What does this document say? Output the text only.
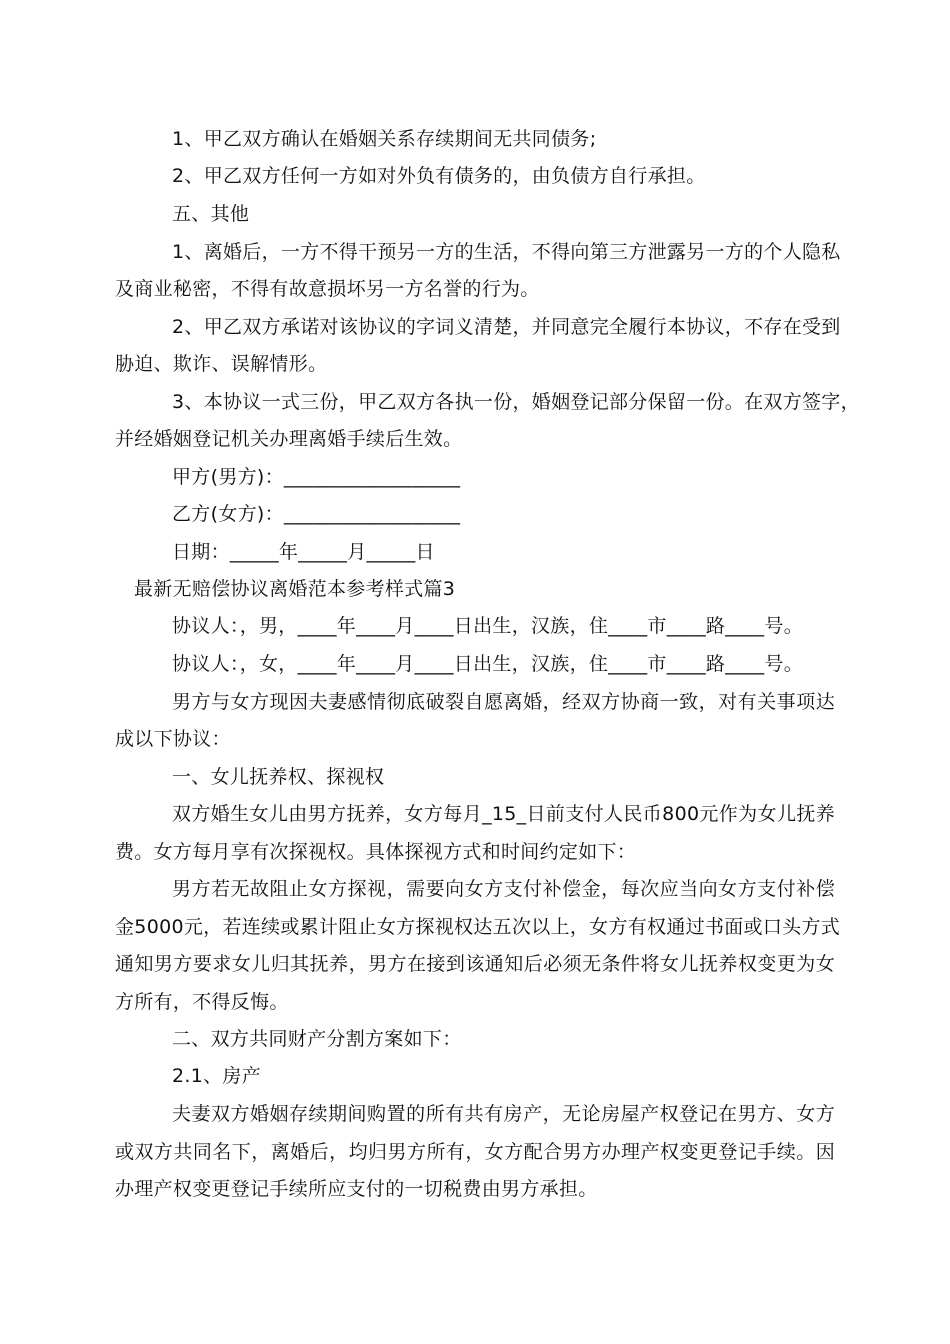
1、甲乙双方确认在婚姻关系存续期间无共同债务;
2、甲乙双方任何一方如对外负有债务的，由负债方自行承担。
五、其他
1、离婚后，一方不得干预另一方的生活，不得向第三方泄露另一方的个人隐私
及商业秘密，不得有故意损坏另一方名誉的行为。
2、甲乙双方承诺对该协议的字词义清楚，并同意完全履行本协议，不存在受到
胁迫、欺诈、误解情形。
3、本协议一式三份，甲乙双方各执一份，婚姻登记部分保留一份。在双方签字，
并经婚姻登记机关办理离婚手续后生效。
甲方(男方)：__________________
乙方(女方)：__________________
日期：_____年_____月_____日
最新无赔偿协议离婚范本参考样式篇3
协议人：，男，____年____月____日出生，汉族，住____市____路____号。
协议人：，女，____年____月____日出生，汉族，住____市____路____号。
男方与女方现因夫妻感情彻底破裂自愿离婚，经双方协商一致，对有关事项达
成以下协议：
一、女儿抚养权、探视权
双方婚生女儿由男方抚养，女方每月_15_日前支付人民币800元作为女儿抚养
费。女方每月享有次探视权。具体探视方式和时间约定如下：
男方若无故阻止女方探视，需要向女方支付补偿金，每次应当向女方支付补偿
金5000元，若连续或累计阻止女方探视权达五次以上，女方有权通过书面或口头方式
通知男方要求女儿归其抚养，男方在接到该通知后必须无条件将女儿抚养权变更为女
方所有，不得反悔。
二、双方共同财产分割方案如下：
2.1、房产
夫妻双方婚姻存续期间购置的所有共有房产，无论房屋产权登记在男方、女方
或双方共同名下，离婚后，均归男方所有，女方配合男方办理产权变更登记手续。因
办理产权变更登记手续所应支付的一切税费由男方承担。
